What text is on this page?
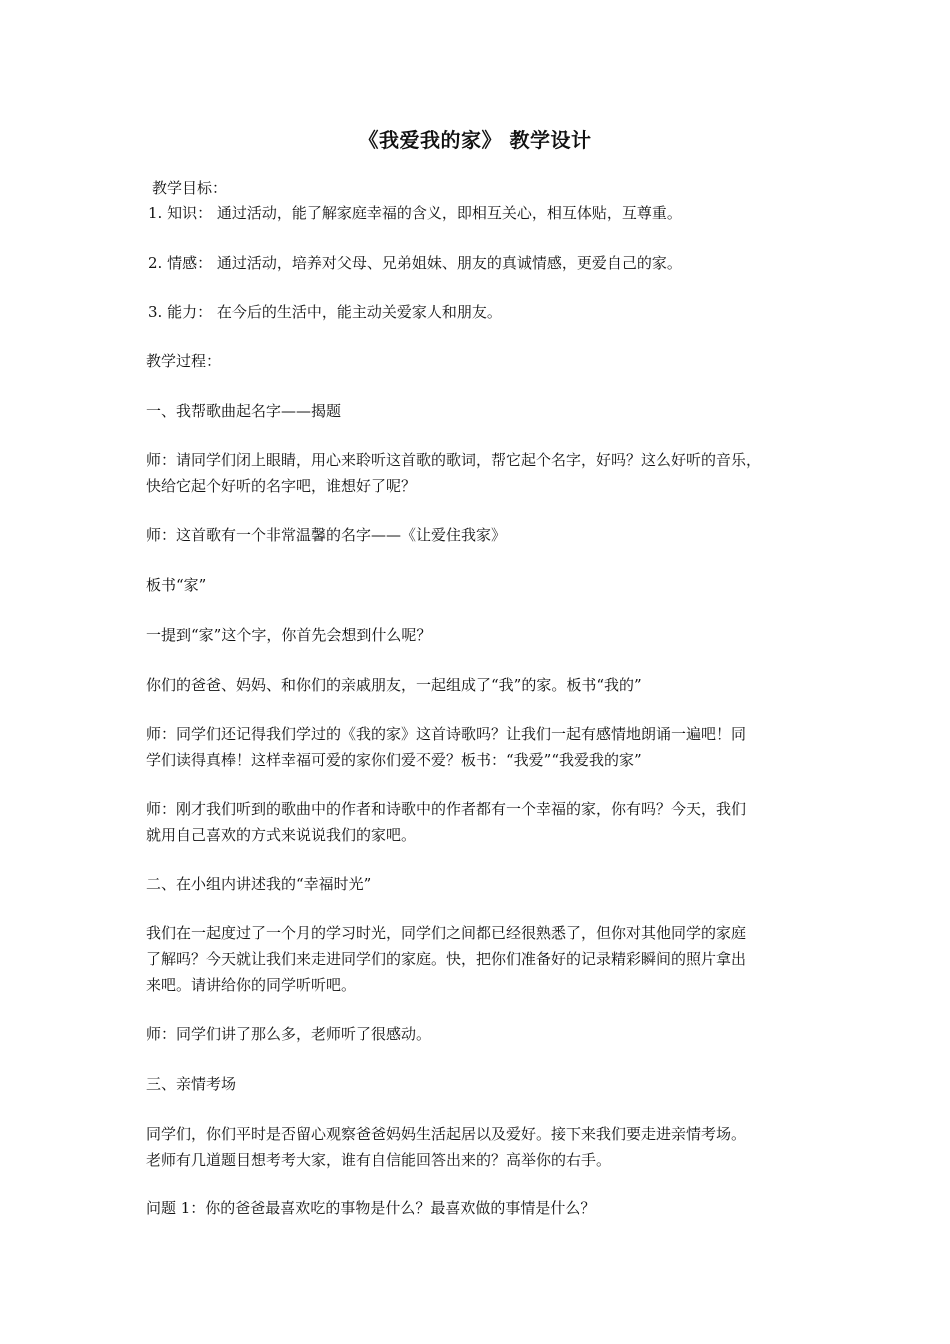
《我爱我的家》 教学设计
教学目标：
1. 知识： 通过活动，能了解家庭幸福的含义，即相互关心，相互体贴，互尊重。
2. 情感： 通过活动，培养对父母、兄弟姐妹、朋友的真诚情感，更爱自己的家。
3. 能力： 在今后的生活中，能主动关爱家人和朋友。
教学过程：
一、我帮歌曲起名字——揭题
师：请同学们闭上眼睛，用心来聆听这首歌的歌词，帮它起个名字，好吗？这么好听的音乐，
快给它起个好听的名字吧，谁想好了呢？
师：这首歌有一个非常温馨的名字——《让爱住我家》
板书“家”
一提到“家”这个字，你首先会想到什么呢？
你们的爸爸、妈妈、和你们的亲戚朋友，一起组成了“我”的家。板书“我的”
师：同学们还记得我们学过的《我的家》这首诗歌吗？让我们一起有感情地朗诵一遍吧！同
学们读得真棒！这样幸福可爱的家你们爱不爱？板书：“我爱”“我爱我的家”
师：刚才我们听到的歌曲中的作者和诗歌中的作者都有一个幸福的家，你有吗？今天，我们
就用自己喜欢的方式来说说我们的家吧。
二、在小组内讲述我的“幸福时光”
我们在一起度过了一个月的学习时光，同学们之间都已经很熟悉了，但你对其他同学的家庭
了解吗？今天就让我们来走进同学们的家庭。快，把你们准备好的记录精彩瞬间的照片拿出
来吧。请讲给你的同学听听吧。
师：同学们讲了那么多，老师听了很感动。
三、亲情考场
同学们，你们平时是否留心观察爸爸妈妈生活起居以及爱好。接下来我们要走进亲情考场。
老师有几道题目想考考大家，谁有自信能回答出来的？高举你的右手。
问题 1：你的爸爸最喜欢吃的事物是什么？最喜欢做的事情是什么？
